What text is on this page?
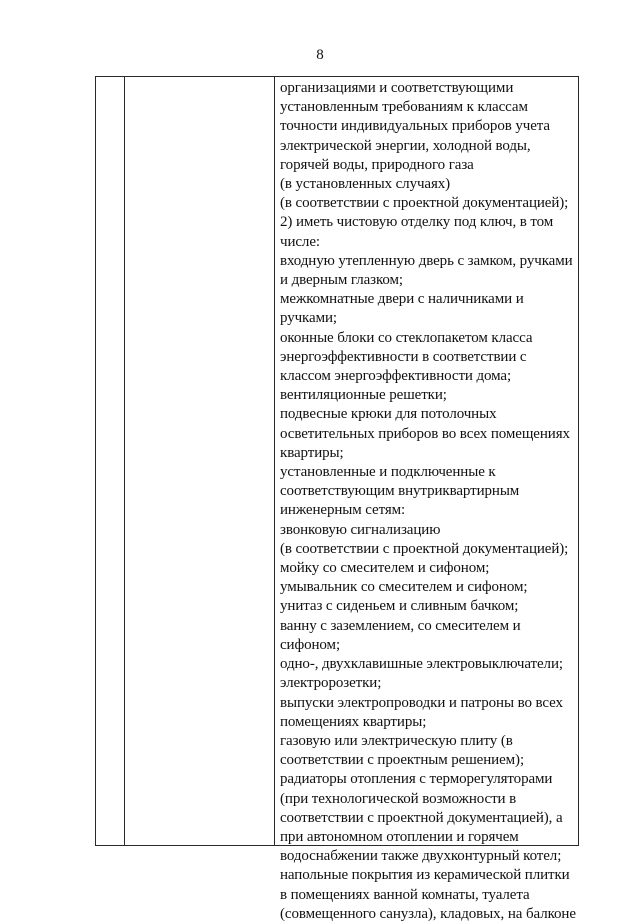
8
организациями и соответствующими
установленным требованиям к классам
точности индивидуальных приборов учета
электрической энергии, холодной воды,
горячей воды, природного газа
(в установленных случаях)
(в соответствии с проектной документацией);
2) иметь чистовую отделку под ключ, в том
числе:
входную утепленную дверь с замком, ручками
и дверным глазком;
межкомнатные двери с наличниками и
ручками;
оконные блоки со стеклопакетом класса
энергоэффективности в соответствии с
классом энергоэффективности дома;
вентиляционные решетки;
подвесные крюки для потолочных
осветительных приборов во всех помещениях
квартиры;
установленные и подключенные к
соответствующим внутриквартирным
инженерным сетям:
звонковую сигнализацию
(в соответствии с проектной документацией);
мойку со смесителем и сифоном;
умывальник со смесителем и сифоном;
унитаз с сиденьем и сливным бачком;
ванну с заземлением, со смесителем и
сифоном;
одно-, двухклавишные электровыключатели;
электророзетки;
выпуски электропроводки и патроны во всех
помещениях квартиры;
газовую или электрическую плиту (в
соответствии с проектным решением);
радиаторы отопления с терморегуляторами
(при технологической возможности в
соответствии с проектной документацией), а
при автономном отоплении и горячем
водоснабжении также двухконтурный котел;
напольные покрытия из керамической плитки
в помещениях ванной комнаты, туалета
(совмещенного санузла), кладовых, на балконе
